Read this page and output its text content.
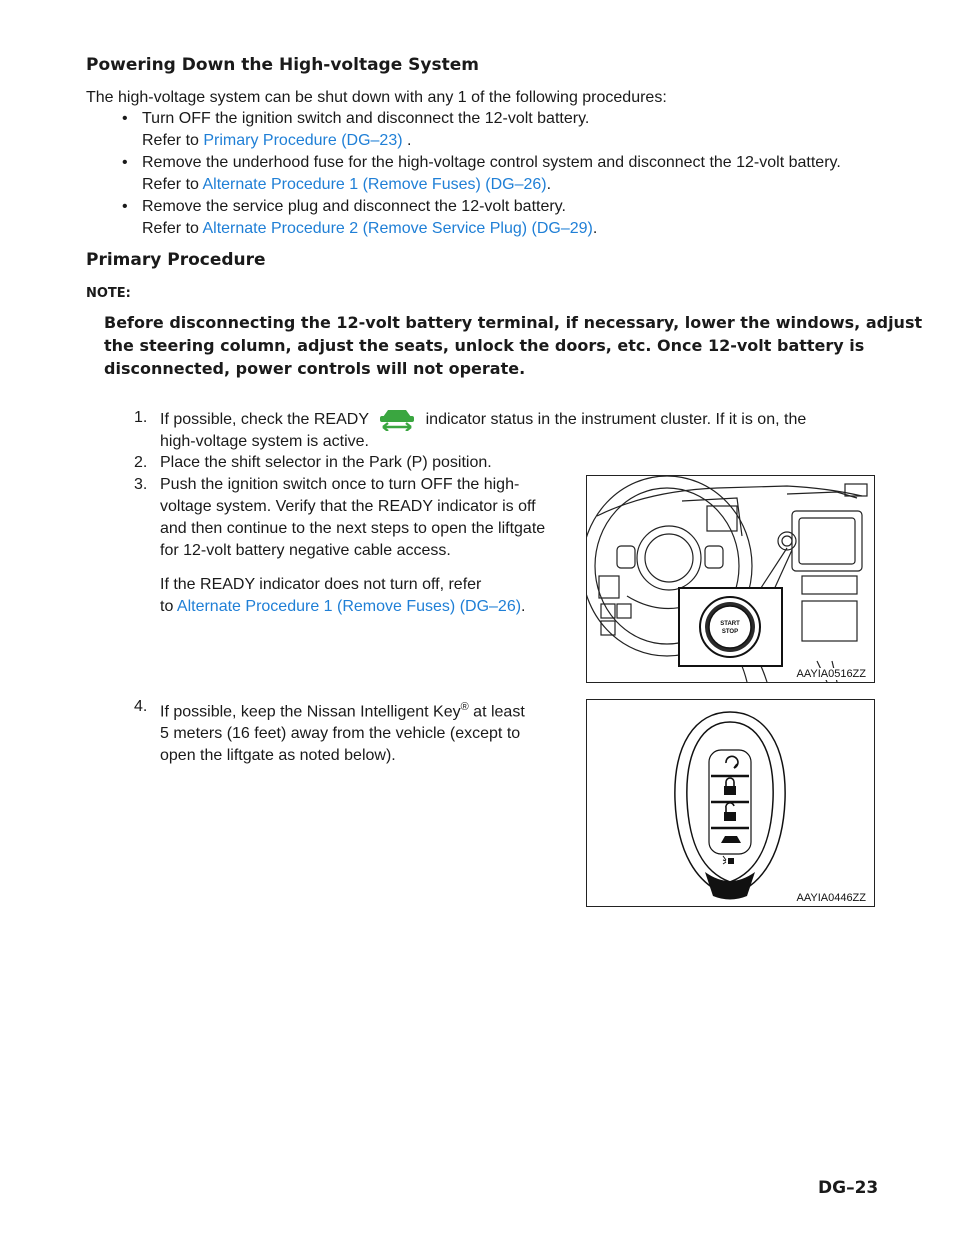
Powering Down the High-voltage System
The high-voltage system can be shut down with any 1 of the following procedures:
• Turn OFF the ignition switch and disconnect the 12-volt battery.
Refer to Primary Procedure (DG–23) .
• Remove the underhood fuse for the high-voltage control system and disconnect the 12-volt battery.
Refer to Alternate Procedure 1 (Remove Fuses) (DG–26).
• Remove the service plug and disconnect the 12-volt battery.
Refer to Alternate Procedure 2 (Remove Service Plug) (DG–29).
Primary Procedure
NOTE:
Before disconnecting the 12-volt battery terminal, if necessary, lower the windows, adjust
the steering column, adjust the seats, unlock the doors, etc. Once 12-volt battery is
disconnected, power controls will not operate.
1. If possible, check the READY	indicator status in the instrument cluster. If it is on, the
high-voltage system is active.
2. Place the shift selector in the Park (P) position.
3. Push the ignition switch once to turn OFF the high-
voltage system. Verify that the READY indicator is off
and then continue to the next steps to open the liftgate
for 12-volt battery negative cable access.
If the READY indicator does not turn off, refer
to Alternate Procedure 1 (Remove Fuses) (DG–26).
4. If possible, keep the Nissan Intelligent Key® at least
5 meters (16 feet) away from the vehicle (except to
open the liftgate as noted below).
START
STOP
AAYIA0516ZZ
AAYIA0446ZZ
DG–23
